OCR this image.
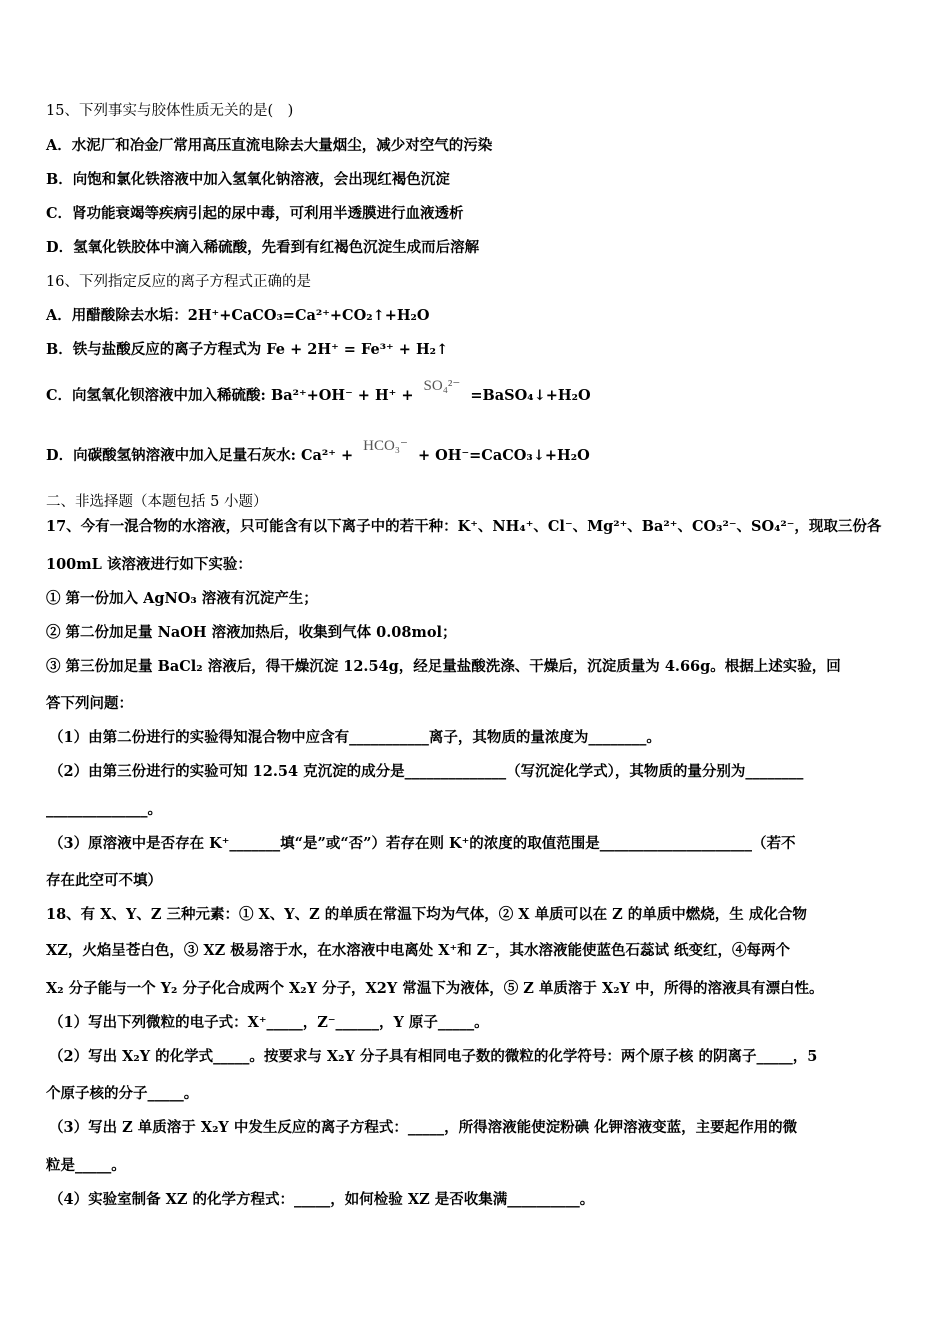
15、下列事实与胶体性质无关的是(　)
A．水泥厂和冶金厂常用高压直流电除去大量烟尘，减少对空气的污染
B．向饱和氯化铁溶液中加入氢氧化钠溶液，会出现红褐色沉淀
C．肾功能衰竭等疾病引起的尿中毒，可利用半透膜进行血液透析
D．氢氧化铁胶体中滴入稀硫酸，先看到有红褐色沉淀生成而后溶解
16、下列指定反应的离子方程式正确的是
A．用醋酸除去水垢：2H⁺+CaCO₃=Ca²⁺+CO₂↑+H₂O
B．铁与盐酸反应的离子方程式为 Fe + 2H⁺ = Fe³⁺ + H₂↑
C．向氢氧化钡溶液中加入稀硫酸: Ba²⁺+OH⁻ + H⁺ +SO₄²⁻=BaSO₄↓+H₂O
D．向碳酸氢钠溶液中加入足量石灰水: Ca²⁺ +HCO₃⁻+ OH⁻=CaCO₃↓+H₂O
二、非选择题（本题包括 5 小题）
17、今有一混合物的水溶液，只可能含有以下离子中的若干种：K⁺、NH₄⁺、Cl⁻、Mg²⁺、Ba²⁺、CO₃²⁻、SO₄²⁻，现取三份各
100mL 该溶液进行如下实验：
① 第一份加入 AgNO₃ 溶液有沉淀产生；
② 第二份加足量 NaOH 溶液加热后，收集到气体 0.08mol；
③ 第三份加足量 BaCl₂ 溶液后，得干燥沉淀 12.54g，经足量盐酸洗涤、干燥后，沉淀质量为 4.66g。根据上述实验，回
答下列问题：
（1）由第二份进行的实验得知混合物中应含有___________离子，其物质的量浓度为________。
（2）由第三份进行的实验可知 12.54 克沉淀的成分是______________（写沉淀化学式），其物质的量分别为________
______________。
（3）原溶液中是否存在 K⁺_______填“是”或“否”）若存在则 K⁺的浓度的取值范围是_____________________（若不
存在此空可不填）
18、有 X、Y、Z 三种元素：① X、Y、Z 的单质在常温下均为气体，② X 单质可以在 Z 的单质中燃烧，生 成化合物
XZ，火焰呈苍白色，③ XZ 极易溶于水，在水溶液中电离处 X⁺和 Z⁻，其水溶液能使蓝色石蕊试 纸变红，④每两个
X₂ 分子能与一个 Y₂ 分子化合成两个 X₂Y 分子，X2Y 常温下为液体，⑤ Z 单质溶于 X₂Y 中，所得的溶液具有漂白性。
（1）写出下列微粒的电子式：X⁺_____，Z⁻______，Y 原子_____。
（2）写出 X₂Y 的化学式_____。按要求与 X₂Y 分子具有相同电子数的微粒的化学符号：两个原子核 的阴离子_____，5
个原子核的分子_____。
（3）写出 Z 单质溶于 X₂Y 中发生反应的离子方程式：_____，所得溶液能使淀粉碘 化钾溶液变蓝，主要起作用的微
粒是_____。
（4）实验室制备 XZ 的化学方程式：_____，如何检验 XZ 是否收集满__________。
